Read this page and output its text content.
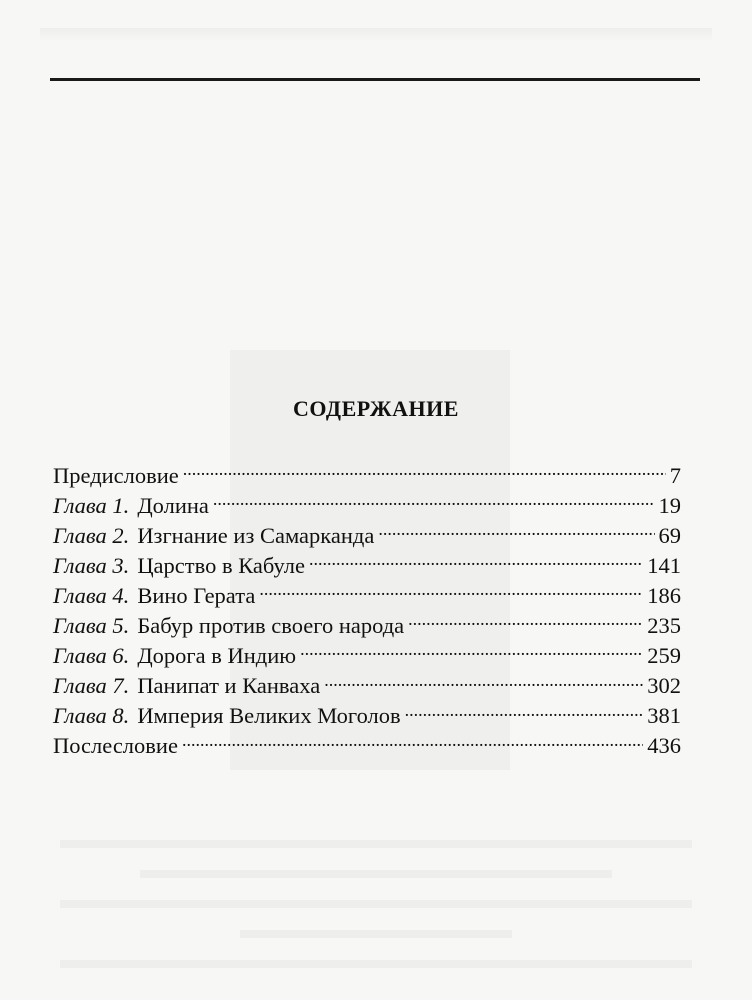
СОДЕРЖАНИЕ
Предисловие .....	7
Глава 1. Долина .....	19
Глава 2. Изгнание из Самарканда .....	69
Глава 3. Царство в Кабуле .....	141
Глава 4. Вино Герата .....	186
Глава 5. Бабур против своего народа .....	235
Глава 6. Дорога в Индию .....	259
Глава 7. Панипат и Канваха .....	302
Глава 8. Империя Великих Моголов .....	381
Послесловие .....	436
